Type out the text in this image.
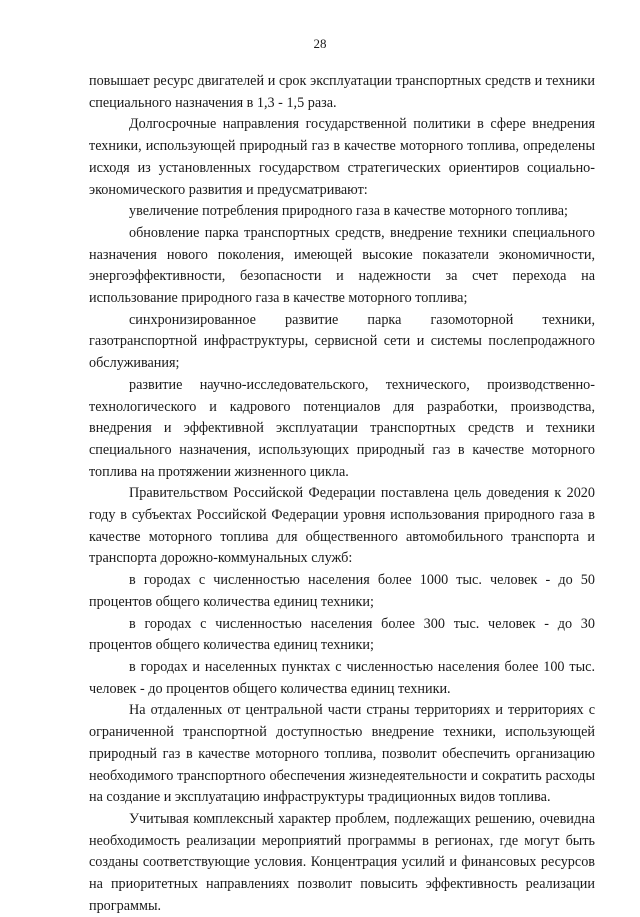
28

повышает ресурс двигателей и срок эксплуатации транспортных средств и техники специального назначения в 1,3 - 1,5 раза.

Долгосрочные направления государственной политики в сфере внедрения техники, использующей природный газ в качестве моторного топлива, определены исходя из установленных государством стратегических ориентиров социально-экономического развития и предусматривают:

увеличение потребления природного газа в качестве моторного топлива;

обновление парка транспортных средств, внедрение техники специального назначения нового поколения, имеющей высокие показатели экономичности, энергоэффективности, безопасности и надежности за счет перехода на использование природного газа в качестве моторного топлива;

синхронизированное развитие парка газомоторной техники, газотранспортной инфраструктуры, сервисной сети и системы послепродажного обслуживания;

развитие научно-исследовательского, технического, производственно-технологического и кадрового потенциалов для разработки, производства, внедрения и эффективной эксплуатации транспортных средств и техники специального назначения, использующих природный газ в качестве моторного топлива на протяжении жизненного цикла.

Правительством Российской Федерации поставлена цель доведения к 2020 году в субъектах Российской Федерации уровня использования природного газа в качестве моторного топлива для общественного автомобильного транспорта и транспорта дорожно-коммунальных служб:

в городах с численностью населения более 1000 тыс. человек - до 50 процентов общего количества единиц техники;

в городах с численностью населения более 300 тыс. человек - до 30 процентов общего количества единиц техники;

в городах и населенных пунктах с численностью населения более 100 тыс. человек - до процентов общего количества единиц техники.

На отдаленных от центральной части страны территориях и территориях с ограниченной транспортной доступностью внедрение техники, использующей природный газ в качестве моторного топлива, позволит обеспечить организацию необходимого транспортного обеспечения жизнедеятельности и сократить расходы на создание и эксплуатацию инфраструктуры традиционных видов топлива.

Учитывая комплексный характер проблем, подлежащих решению, очевидна необходимость реализации мероприятий программы в регионах, где могут быть созданы соответствующие условия. Концентрация усилий и финансовых ресурсов на приоритетных направлениях позволит повысить эффективность реализации программы.
